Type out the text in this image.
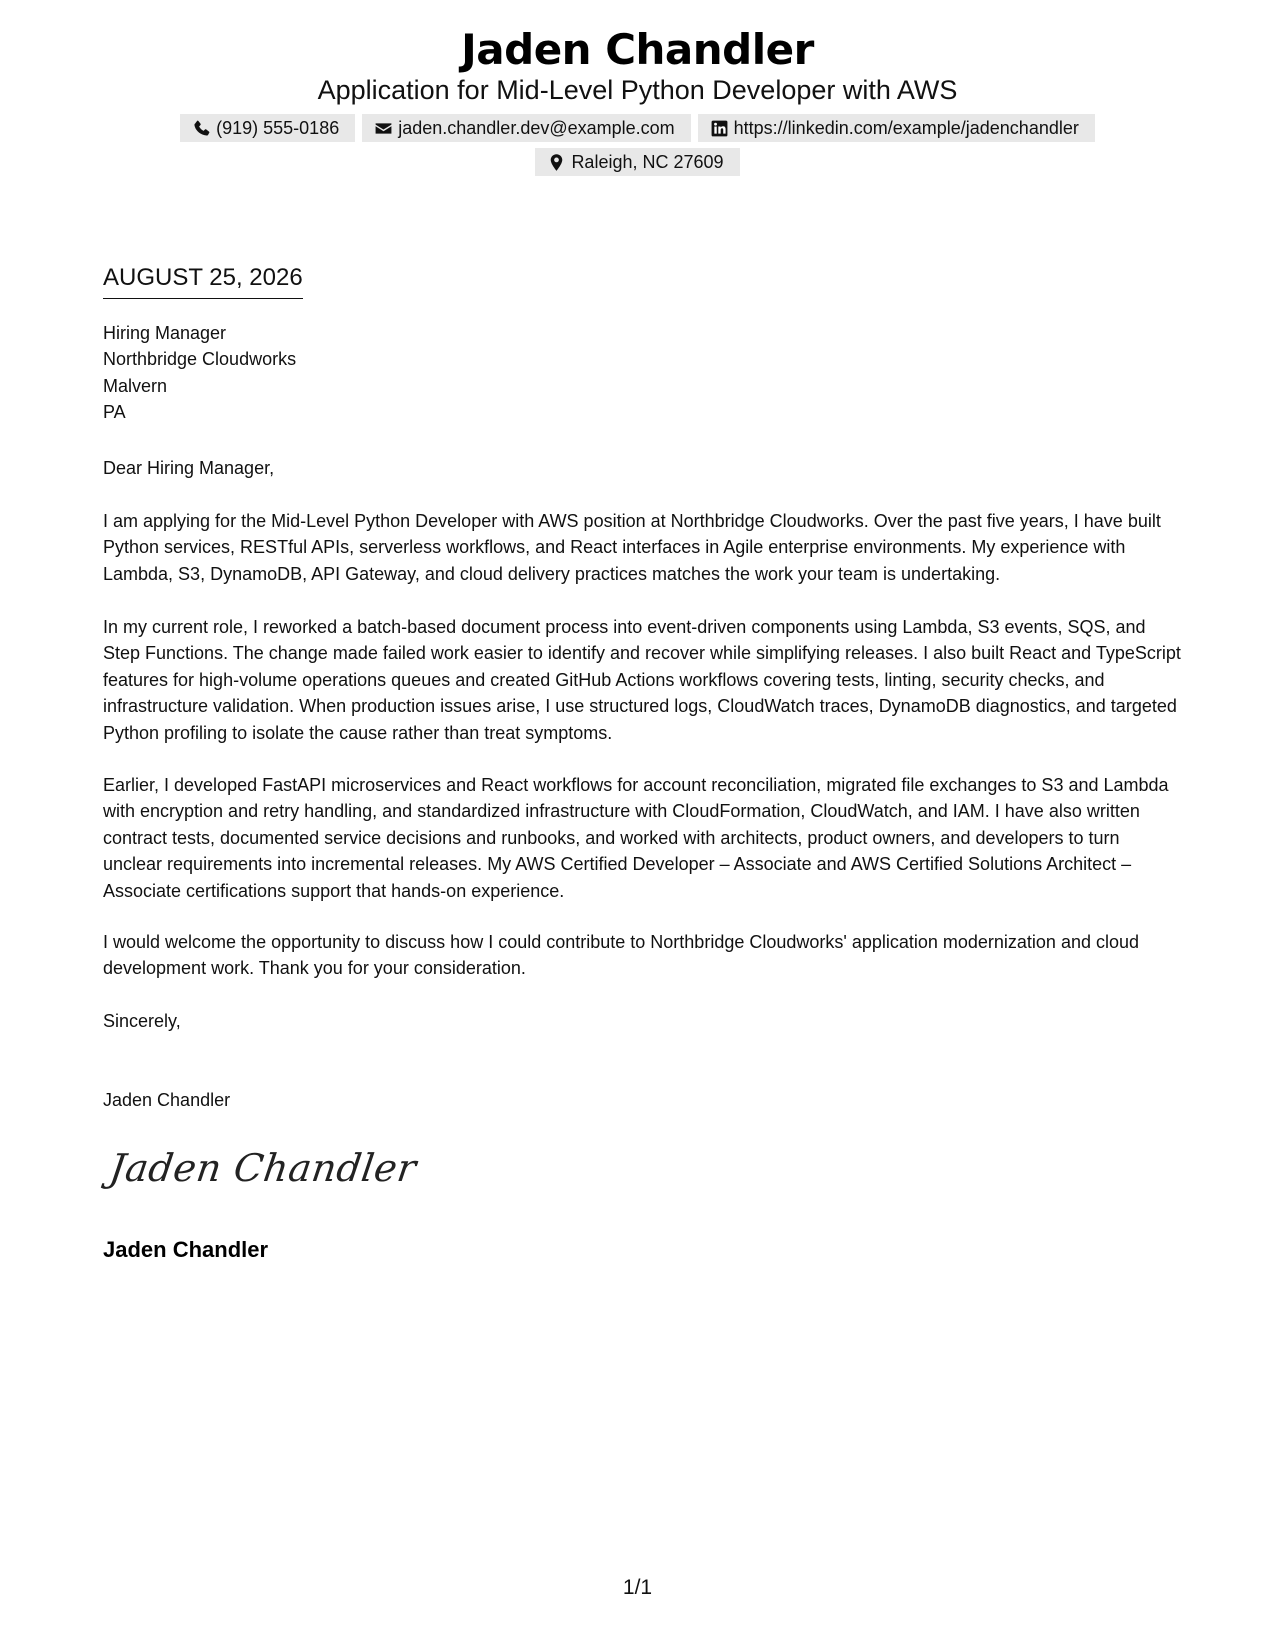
Jaden Chandler
Application for Mid-Level Python Developer with AWS
(919) 555-0186	jaden.chandler.dev@example.com	https://linkedin.com/example/jadenchandler
Raleigh, NC 27609
AUGUST 25, 2026
Hiring Manager
Northbridge Cloudworks
Malvern
PA
Dear Hiring Manager,

I am applying for the Mid-Level Python Developer with AWS position at Northbridge Cloudworks. Over the past five years, I have built Python services, RESTful APIs, serverless workflows, and React interfaces in Agile enterprise environments. My experience with Lambda, S3, DynamoDB, API Gateway, and cloud delivery practices matches the work your team is undertaking.

In my current role, I reworked a batch-based document process into event-driven components using Lambda, S3 events, SQS, and Step Functions. The change made failed work easier to identify and recover while simplifying releases. I also built React and TypeScript features for high-volume operations queues and created GitHub Actions workflows covering tests, linting, security checks, and infrastructure validation. When production issues arise, I use structured logs, CloudWatch traces, DynamoDB diagnostics, and targeted Python profiling to isolate the cause rather than treat symptoms.

Earlier, I developed FastAPI microservices and React workflows for account reconciliation, migrated file exchanges to S3 and Lambda with encryption and retry handling, and standardized infrastructure with CloudFormation, CloudWatch, and IAM. I have also written contract tests, documented service decisions and runbooks, and worked with architects, product owners, and developers to turn unclear requirements into incremental releases. My AWS Certified Developer – Associate and AWS Certified Solutions Architect – Associate certifications support that hands-on experience.

I would welcome the opportunity to discuss how I could contribute to Northbridge Cloudworks' application modernization and cloud development work. Thank you for your consideration.

Sincerely,
Jaden Chandler
Jaden Chandler
Jaden Chandler
1/1
